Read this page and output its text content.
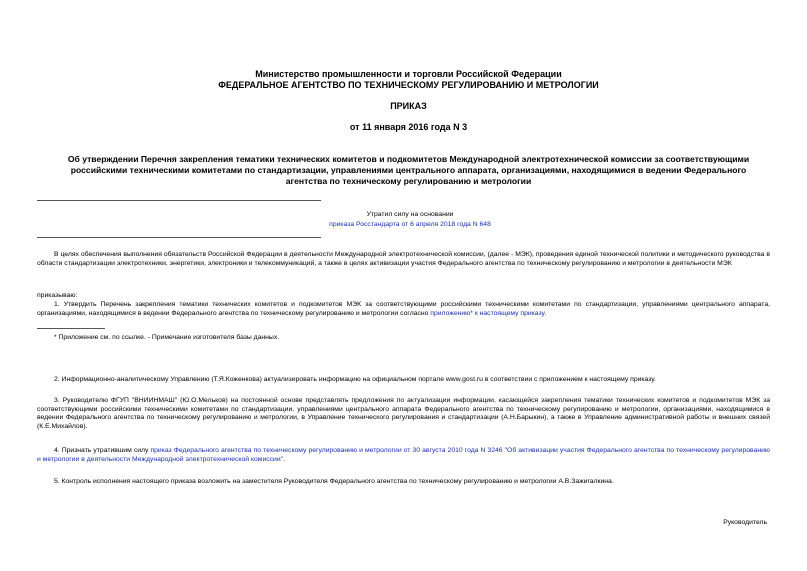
Министерство промышленности и торговли Российской Федерации
ФЕДЕРАЛЬНОЕ АГЕНТСТВО ПО ТЕХНИЧЕСКОМУ РЕГУЛИРОВАНИЮ И МЕТРОЛОГИИ
ПРИКАЗ
от 11 января 2016 года N 3
Об утверждении Перечня закрепления тематики технических комитетов и подкомитетов Международной электротехнической комиссии за соответствующими
российскими техническими комитетами по стандартизации, управлениями центрального аппарата, организациями, находящимися в ведении Федерального
агентства по техническому регулированию и метрологии
Утратил силу на основании
приказа Росстандарта от 6 апреля 2018 года N 648
В целях обеспечения выполнения обязательств Российской Федерации в деятельности Международной электротехнической комиссии, (далее - МЭК), проведения единой технической политики и методического руководства в области стандартизации электротехники, энергетики, электроники и телекоммуникаций, а также в целях активизации участия Федерального агентства по техническому регулированию и метрологии в деятельности МЭК
приказываю:
1. Утвердить Перечень закрепления тематики технических комитетов и подкомитетов МЭК за соответствующими российскими техническими комитетами по стандартизации, управлениями центрального аппарата, организациями, находящимися в ведении Федерального агентства по техническому регулированию и метрологии согласно приложению* к настоящему приказу.
* Приложение см. по ссылке. - Примечание изготовителя базы данных.
2. Информационно-аналитическому Управлению (Т.Я.Коженкова) актуализировать информацию на официальном портале www.gost.ru в соответствии с приложением к настоящему приказу.
3. Руководителю ФГУП "ВНИИНМАШ" (Ю.О.Мельков) на постоянной основе представлять предложения по актуализации информации, касающейся закрепления тематики технических комитетов и подкомитетов МЭК за соответствующими российскими техническими комитетами по стандартизации, управлениями центрального аппарата Федерального агентства по техническому регулированию и метрологии, организациями, находящимися в ведении Федерального агентства по техническому регулированию и метрологии, в Управление технического регулирования и стандартизации (А.Н.Барыкин), а также в Управление административной работы и внешних связей (К.Е.Михайлов).
4. Признать утратившим силу приказ Федерального агентства по техническому регулированию и метрологии от 30 августа 2010 года N 3246 "Об активизации участия Федерального агентства по техническому регулированию и метрологии в деятельности Международной электротехнической комиссии".
5. Контроль исполнения настоящего приказа возложить на заместителя Руководителя Федерального агентства по техническому регулированию и метрологии А.В.Зажигалкина.
Руководитель
